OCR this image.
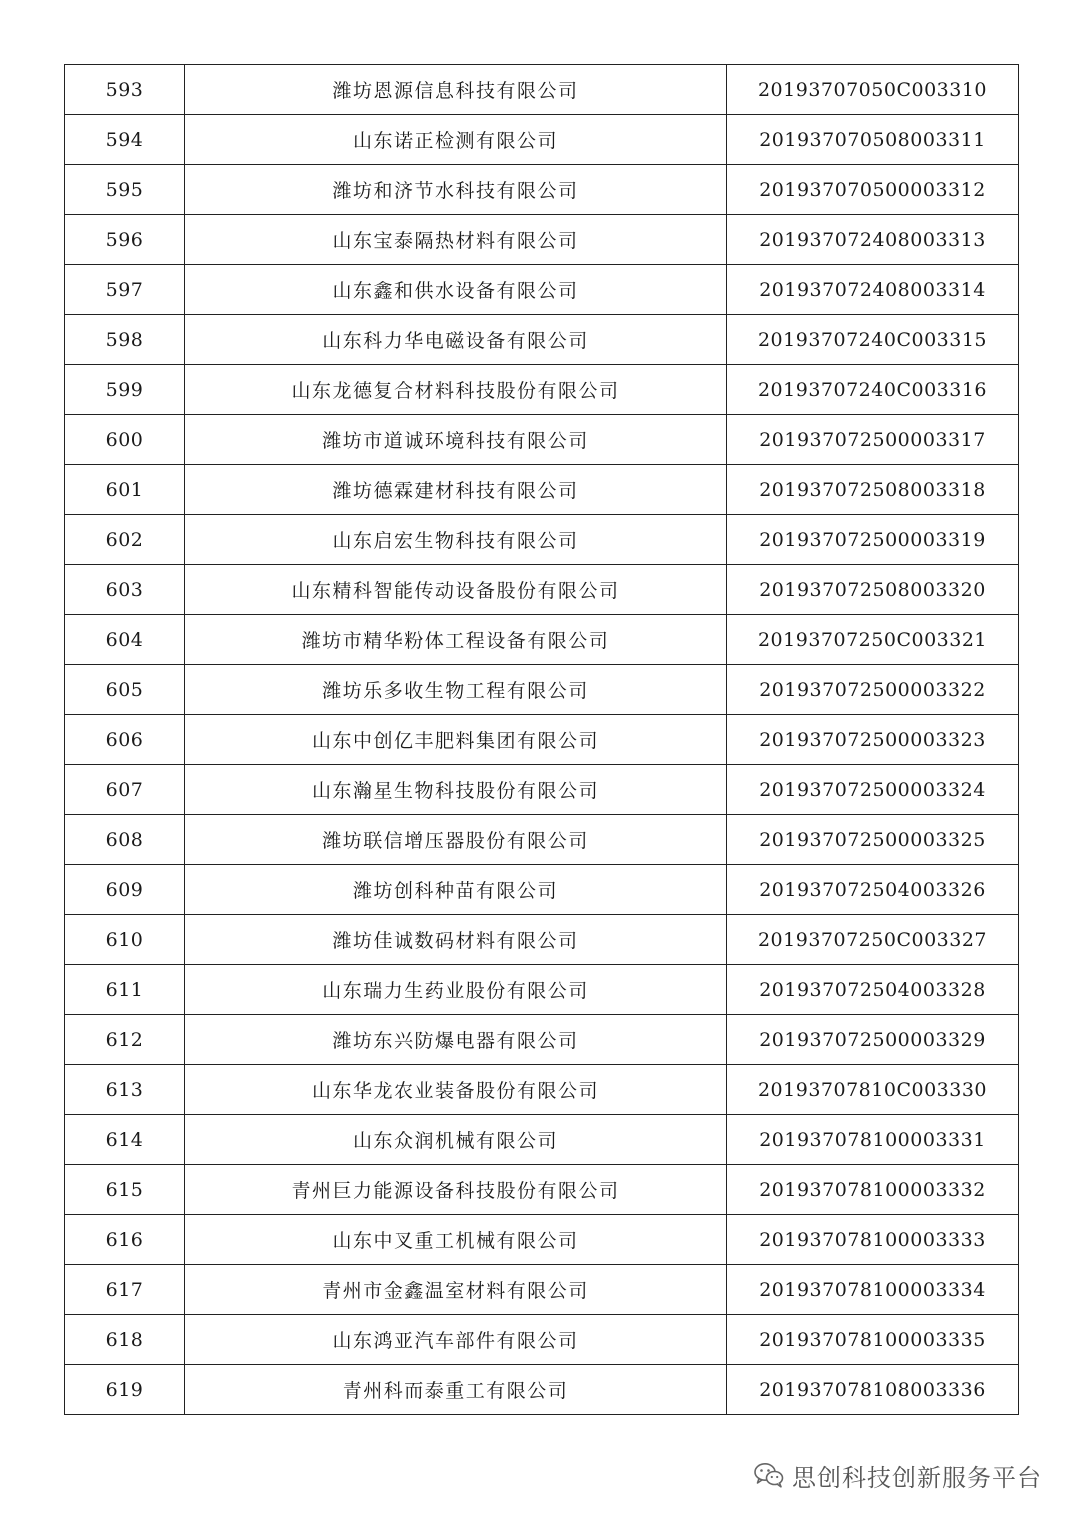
593	潍坊恩源信息科技有限公司	20193707050C003310
594	山东诺正检测有限公司	201937070508003311
595	潍坊和济节水科技有限公司	201937070500003312
596	山东宝泰隔热材料有限公司	201937072408003313
597	山东鑫和供水设备有限公司	201937072408003314
598	山东科力华电磁设备有限公司	20193707240C003315
599	山东龙德复合材料科技股份有限公司	20193707240C003316
600	潍坊市道诚环境科技有限公司	201937072500003317
601	潍坊德霖建材科技有限公司	201937072508003318
602	山东启宏生物科技有限公司	201937072500003319
603	山东精科智能传动设备股份有限公司	201937072508003320
604	潍坊市精华粉体工程设备有限公司	20193707250C003321
605	潍坊乐多收生物工程有限公司	201937072500003322
606	山东中创亿丰肥料集团有限公司	201937072500003323
607	山东瀚星生物科技股份有限公司	201937072500003324
608	潍坊联信增压器股份有限公司	201937072500003325
609	潍坊创科种苗有限公司	201937072504003326
610	潍坊佳诚数码材料有限公司	20193707250C003327
611	山东瑞力生药业股份有限公司	201937072504003328
612	潍坊东兴防爆电器有限公司	201937072500003329
613	山东华龙农业装备股份有限公司	20193707810C003330
614	山东众润机械有限公司	201937078100003331
615	青州巨力能源设备科技股份有限公司	201937078100003332
616	山东中叉重工机械有限公司	201937078100003333
617	青州市金鑫温室材料有限公司	201937078100003334
618	山东鸿亚汽车部件有限公司	201937078100003335
619	青州科而泰重工有限公司	201937078108003336
思创科技创新服务平台
